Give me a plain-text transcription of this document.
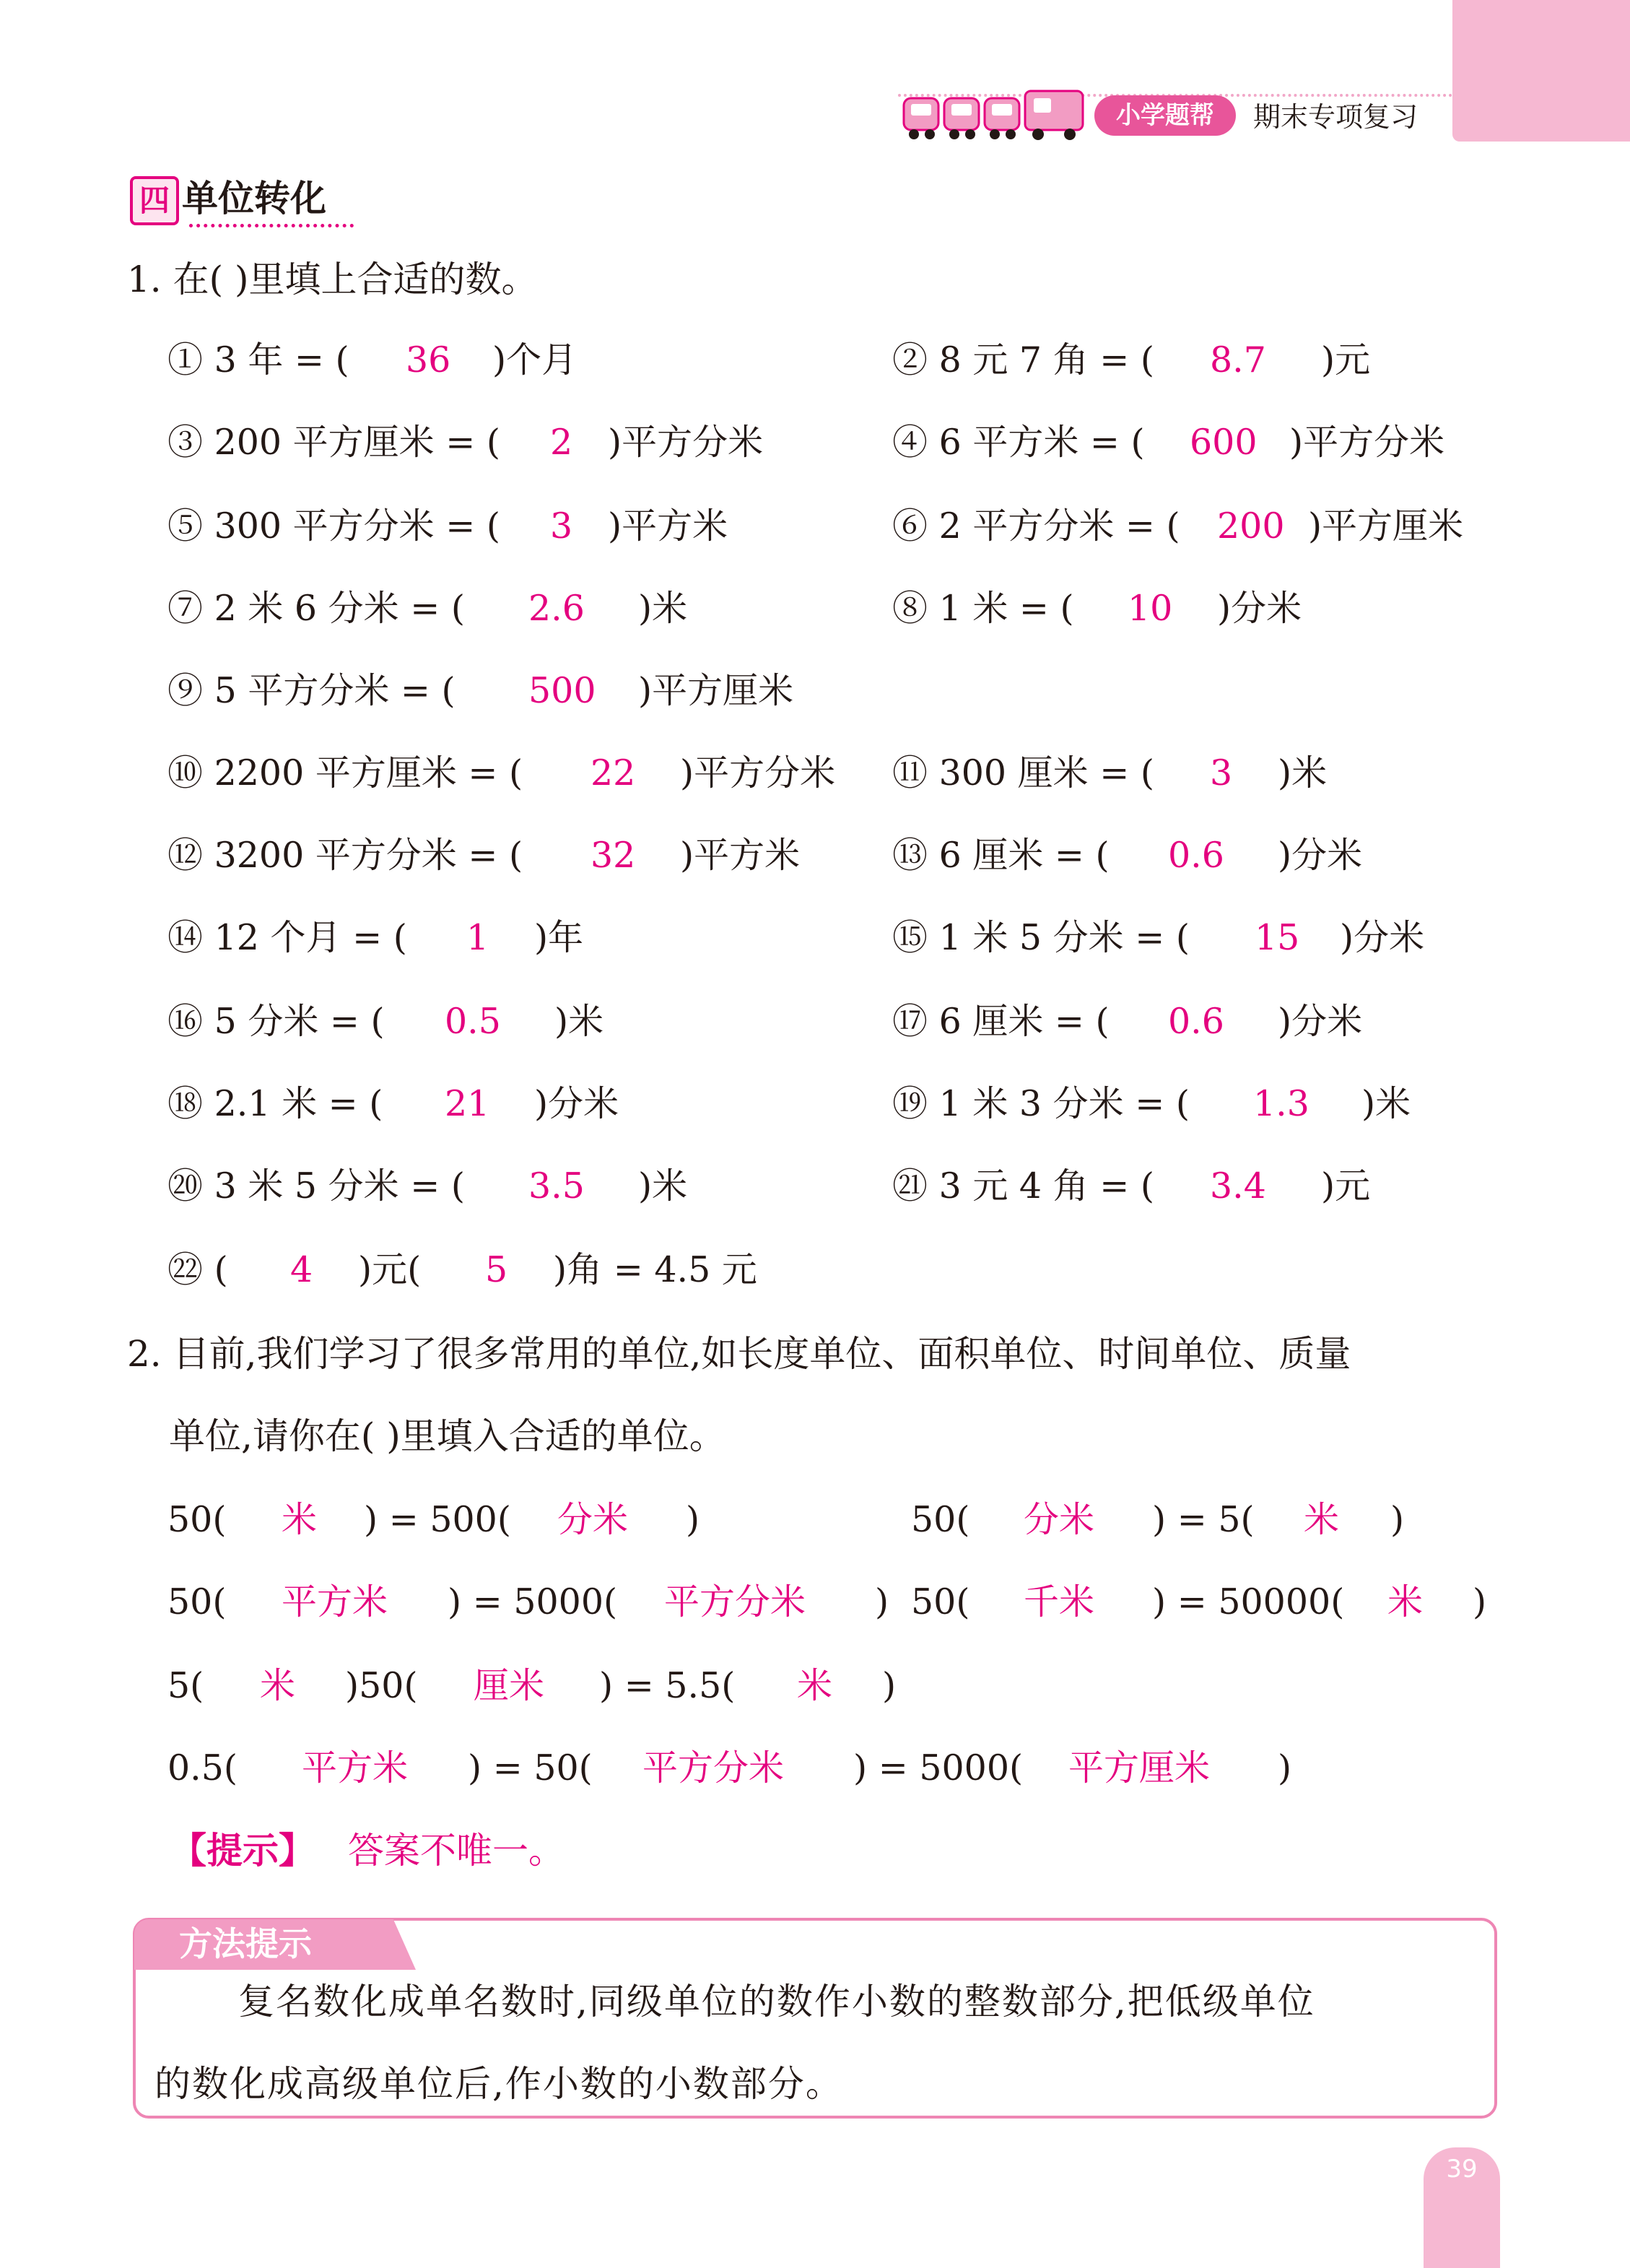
小学题帮	期末专项复习
四 单位转化
1. 在( )里填上合适的数。
① 3 年 = ( 36 )个月	② 8 元 7 角 = ( 8.7 )元
③ 200 平方厘米 = ( 2 )平方分米	④ 6 平方米 = ( 600 )平方分米
⑤ 300 平方分米 = ( 3 )平方米	⑥ 2 平方分米 = ( 200 )平方厘米
⑦ 2 米 6 分米 = ( 2.6 )米	⑧ 1 米 = ( 10 )分米
⑨ 5 平方分米 = ( 500 )平方厘米
⑩ 2200 平方厘米 = ( 22 )平方分米 ⑪ 300 厘米 = ( 3 )米
⑫ 3200 平方分米 = ( 32 )平方米	⑬ 6 厘米 = ( 0.6 )分米
⑭ 12 个月 = ( 1 )年	⑮ 1 米 5 分米 = ( 15 )分米
⑯ 5 分米 = ( 0.5 )米	⑰ 6 厘米 = ( 0.6 )分米
⑱ 2.1 米 = ( 21 )分米	⑲ 1 米 3 分米 = ( 1.3 )米
⑳ 3 米 5 分米 = ( 3.5 )米	㉑ 3 元 4 角 = ( 3.4 )元
㉒ ( 4 )元( 5 )角 = 4.5 元
2. 目前,我们学习了很多常用的单位,如长度单位、面积单位、时间单位、质量
单位,请你在( )里填入合适的单位。
50( 米 ) = 500( 分米 )	50( 分米 ) = 5( 米 )
50( 平方米 ) = 5000( 平方分米 ) 50( 千米 ) = 50000( 米 )
5( 米 )50( 厘米 ) = 5.5( 米 )
0.5( 平方米 ) = 50( 平方分米 ) = 5000( 平方厘米 )
【提示】 答案不唯一。
方法提示
复名数化成单名数时,同级单位的数作小数的整数部分,把低级单位
的数化成高级单位后,作小数的小数部分。
39
